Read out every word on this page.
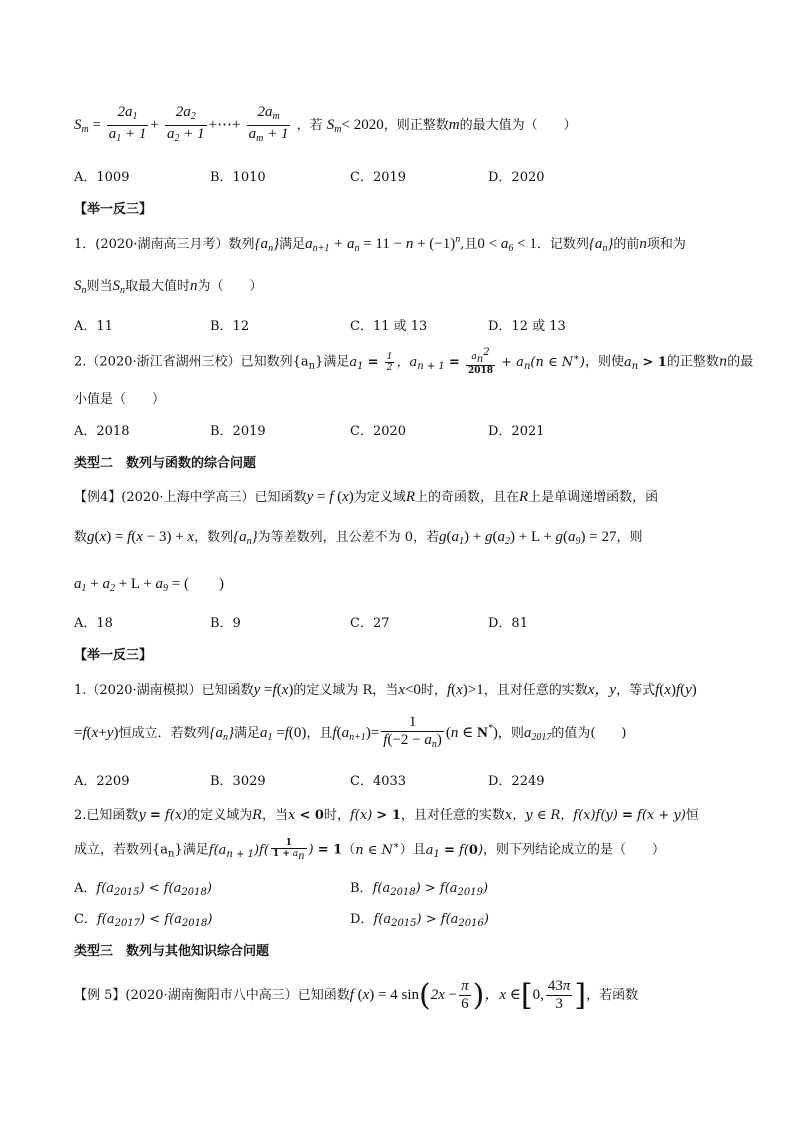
$S_m = \frac{2a_1}{a_1 + 1} + \frac{2a_2}{a_2 + 1}$ +⋯+ $\frac{2a_m}{a_m + 1}$ ，若 $S_m< 2020$，则正整数m的最大值为（　　）
A．1009	B．1010	C．2019	D．2020
【举一反三】
1．(2020·湖南高三月考）数列$\{a_n\}$满足$a_{n+1} + a_n = 11 - n + (-1)^n$,且$0 < a_6 < 1$．记数列$\{a_n\}$的前n项和为
$S_n$则当$S_n$取最大值时n为（　　）
A．11	B．12	C．11 或 13	D．12 或 13
2.（2020·浙江省湖州三校）已知数列$\{a_n\}$满足$a_1 = \frac{1}{2}$ ，$a_{n + 1} = \frac{a_n^2}{2018} + a_n(n$ ∈ N∗)，则使$a_n > 1$的正整数n的最
小值是（　　）
A．2018	B．2019	C．2020	D．2021
类型二　数列与函数的综合问题
【例4】(2020·上海中学高三）已知函数y = f (x)为定义域R上的奇函数，且在R上是单调递增函数，函
数g(x) = f(x − 3) + x，数列$\{a_n\}$为等差数列，且公差不为 0，若$g(a_1) + g(a_2) + L + g(a_9) = 27$，则
$a_1 + a_2 + L + a_9$ = (　　)
A．18	B．9	C．27	D．81
【举一反三】
1.（2020·湖南模拟）已知函数y =f(x)的定义域为 R，当x<0时，f(x)>1，且对任意的实数x，y，等式f(x)f(y)
=f(x+y)恒成立．若数列$\{a_n\}$满足$a_1 =f(0)$，且$f(a_{n+1})= \frac{1}{f(-2 - a_n)} (n$ ∈ N*)，则$a_{2017}$的值为(　　)
A．2209	B．3029	C．4033	D．2249
2.已知函数y = f(x)的定义域为R，当x < 0时，f(x) > 1，且对任意的实数x，y ∈ R，f(x)f(y) = f(x + y)恒
成立，若数列$\{a_n\}$满足$f(a_{n + 1})f( \frac{1}{1 + a_n}$ ) = 1（n ∈ N∗）且$a_1 = f(0)$，则下列结论成立的是（　　）
A．$f(a_{2015}) < f(a_{2018})$	B．$f(a_{2018}) > f(a_{2019})$
C．$f(a_{2017}) < f(a_{2018})$	D．$f(a_{2015}) > f(a_{2016})$
类型三　数列与其他知识综合问题
【例 5】(2020·湖南衡阳市八中高三）已知函数f (x) = 4 $\sin(2x - \frac{\pi}{6}$ )，x ∈[0, $\frac{43\pi}{3}$ ]，若函数
